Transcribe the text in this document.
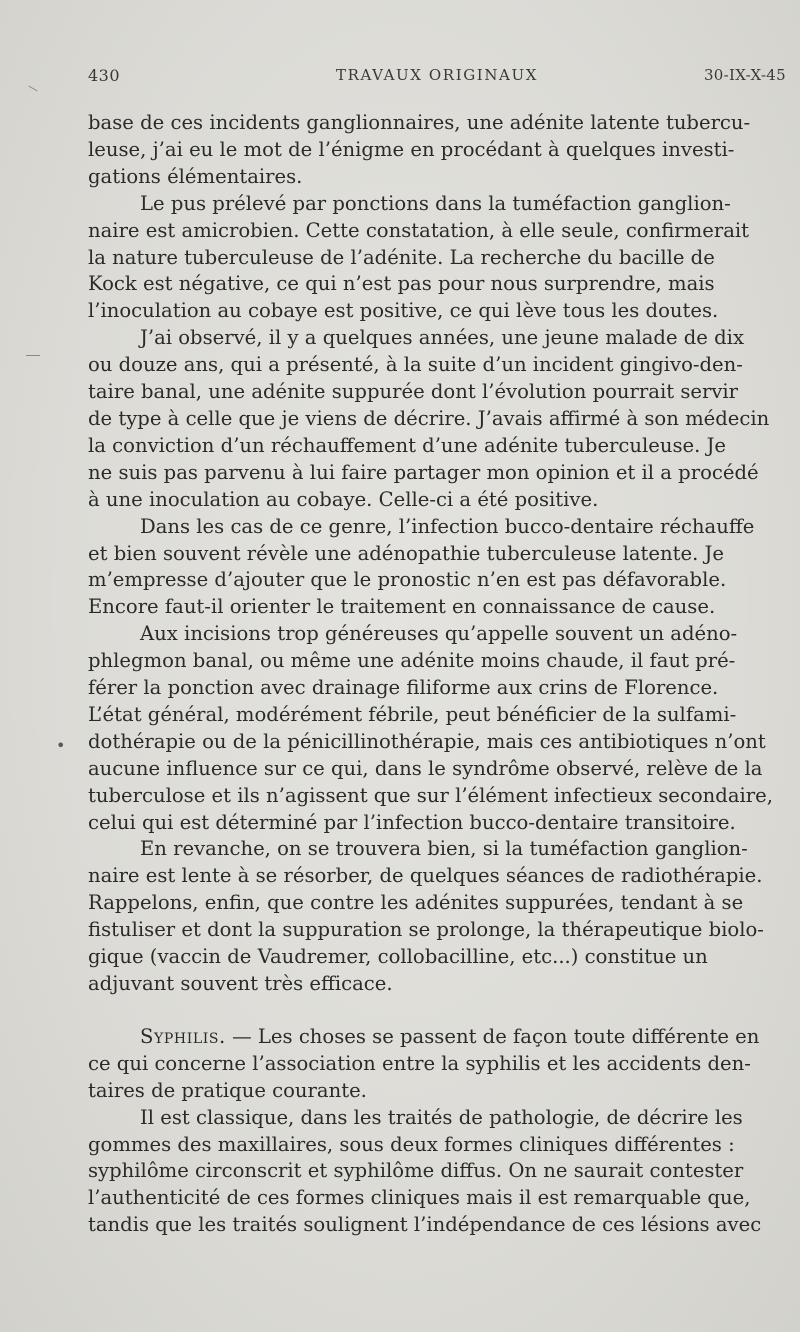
•
430	TRAVAUX ORIGINAUX	30-IX-X-45

base de ces incidents ganglionnaires, une adénite latente tubercu-
leuse, j’ai eu le mot de l’énigme en procédant à quelques investi-
gations élémentaires.

Le pus prélevé par ponctions dans la tuméfaction ganglion-
naire est amicrobien. Cette constatation, à elle seule, confirmerait
la nature tuberculeuse de l’adénite. La recherche du bacille de
Kock est négative, ce qui n’est pas pour nous surprendre, mais
l’inoculation au cobaye est positive, ce qui lève tous les doutes.

J’ai observé, il y a quelques années, une jeune malade de dix
ou douze ans, qui a présenté, à la suite d’un incident gingivo-den-
taire banal, une adénite suppurée dont l’évolution pourrait servir
de type à celle que je viens de décrire. J’avais affirmé à son médecin
la conviction d’un réchauffement d’une adénite tuberculeuse. Je
ne suis pas parvenu à lui faire partager mon opinion et il a procédé
à une inoculation au cobaye. Celle-ci a été positive.

Dans les cas de ce genre, l’infection bucco-dentaire réchauffe
et bien souvent révèle une adénopathie tuberculeuse latente. Je
m’empresse d’ajouter que le pronostic n’en est pas défavorable.
Encore faut-il orienter le traitement en connaissance de cause.

Aux incisions trop généreuses qu’appelle souvent un adéno-
phlegmon banal, ou même une adénite moins chaude, il faut pré-
férer la ponction avec drainage filiforme aux crins de Florence.
L’état général, modérément fébrile, peut bénéficier de la sulfami-
dothérapie ou de la pénicillinothérapie, mais ces antibiotiques n’ont
aucune influence sur ce qui, dans le syndrôme observé, relève de la
tuberculose et ils n’agissent que sur l’élément infectieux secondaire,
celui qui est déterminé par l’infection bucco-dentaire transitoire.

En revanche, on se trouvera bien, si la tuméfaction ganglion-
naire est lente à se résorber, de quelques séances de radiothérapie.
Rappelons, enfin, que contre les adénites suppurées, tendant à se
fistuliser et dont la suppuration se prolonge, la thérapeutique biolo-
gique (vaccin de Vaudremer, collobacilline, etc...) constitue un
adjuvant souvent très efficace.

Syphilis. — Les choses se passent de façon toute différente en
ce qui concerne l’association entre la syphilis et les accidents den-
taires de pratique courante.

Il est classique, dans les traités de pathologie, de décrire les
gommes des maxillaires, sous deux formes cliniques différentes :
syphilôme circonscrit et syphilôme diffus. On ne saurait contester
l’authenticité de ces formes cliniques mais il est remarquable que,
tandis que les traités soulignent l’indépendance de ces lésions avec
